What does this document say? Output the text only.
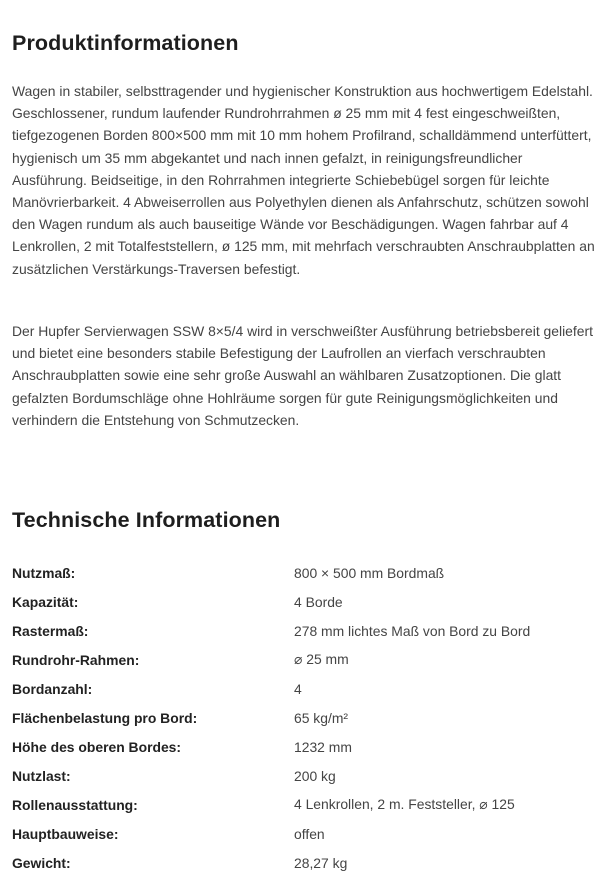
Produktinformationen

Wagen in stabiler, selbsttragender und hygienischer Konstruktion aus hochwertigem Edelstahl. Geschlossener, rundum laufender Rundrohrrahmen ø 25 mm mit 4 fest eingeschweißten, tiefgezogenen Borden 800×500 mm mit 10 mm hohem Profilrand, schalldämmend unterfüttert, hygienisch um 35 mm abgekantet und nach innen gefalzt, in reinigungsfreundlicher Ausführung. Beidseitige, in den Rohrrahmen integrierte Schiebebügel sorgen für leichte Manövrierbarkeit. 4 Abweiserrollen aus Polyethylen dienen als Anfahrschutz, schützen sowohl den Wagen rundum als auch bauseitige Wände vor Beschädigungen. Wagen fahrbar auf 4 Lenkrollen, 2 mit Totalfeststellern, ø 125 mm, mit mehrfach verschraubten Anschraubplatten an zusätzlichen Verstärkungs-Traversen befestigt.

Der Hupfer Servierwagen SSW 8×5/4 wird in verschweißter Ausführung betriebsbereit geliefert und bietet eine besonders stabile Befestigung der Laufrollen an vierfach verschraubten Anschraubplatten sowie eine sehr große Auswahl an wählbaren Zusatzoptionen. Die glatt gefalzten Bordumschläge ohne Hohlräume sorgen für gute Reinigungsmöglichkeiten und verhindern die Entstehung von Schmutzecken.

Technische Informationen
Nutzmaß:	800 × 500 mm Bordmaß
Kapazität:	4 Borde
Rastermaß:	278 mm lichtes Maß von Bord zu Bord
Rundrohr-Rahmen:	⌀ 25 mm
Bordanzahl:	4
Flächenbelastung pro Bord:	65 kg/m²
Höhe des oberen Bordes:	1232 mm
Nutzlast:	200 kg
Rollenausstattung:	4 Lenkrollen, 2 m. Feststeller, ⌀ 125
Hauptbauweise:	offen
Gewicht:	28,27 kg
